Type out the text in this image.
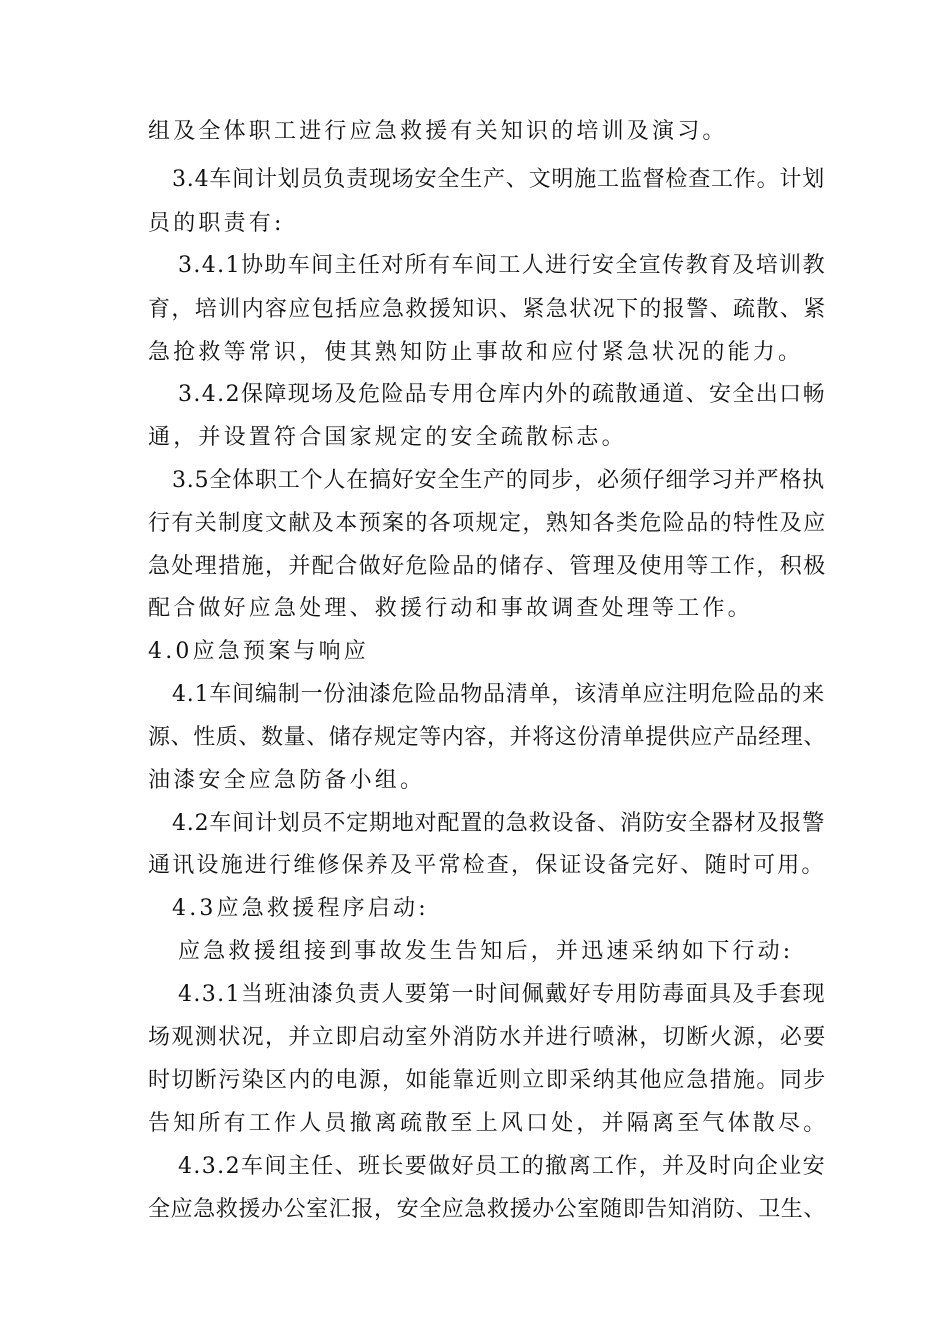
组及全体职工进行应急救援有关知识的培训及演习。
3.4车间计划员负责现场安全生产、文明施工监督检查工作。计划
员的职责有:
3.4.1协助车间主任对所有车间工人进行安全宣传教育及培训教
育，培训内容应包括应急救援知识、紧急状况下的报警、疏散、紧
急抢救等常识，使其熟知防止事故和应付紧急状况的能力。
3.4.2保障现场及危险品专用仓库内外的疏散通道、安全出口畅
通，并设置符合国家规定的安全疏散标志。
3.5全体职工个人在搞好安全生产的同步，必须仔细学习并严格执
行有关制度文献及本预案的各项规定，熟知各类危险品的特性及应
急处理措施，并配合做好危险品的储存、管理及使用等工作，积极
配合做好应急处理、救援行动和事故调查处理等工作。
4.0应急预案与响应
4.1车间编制一份油漆危险品物品清单，该清单应注明危险品的来
源、性质、数量、储存规定等内容，并将这份清单提供应产品经理、
油漆安全应急防备小组。
4.2车间计划员不定期地对配置的急救设备、消防安全器材及报警
通讯设施进行维修保养及平常检查，保证设备完好、随时可用。
4.3应急救援程序启动:
应急救援组接到事故发生告知后，并迅速采纳如下行动:
4.3.1当班油漆负责人要第一时间佩戴好专用防毒面具及手套现
场观测状况，并立即启动室外消防水并进行喷淋，切断火源，必要
时切断污染区内的电源，如能靠近则立即采纳其他应急措施。同步
告知所有工作人员撤离疏散至上风口处，并隔离至气体散尽。
4.3.2车间主任、班长要做好员工的撤离工作，并及时向企业安
全应急救援办公室汇报，安全应急救援办公室随即告知消防、卫生、
